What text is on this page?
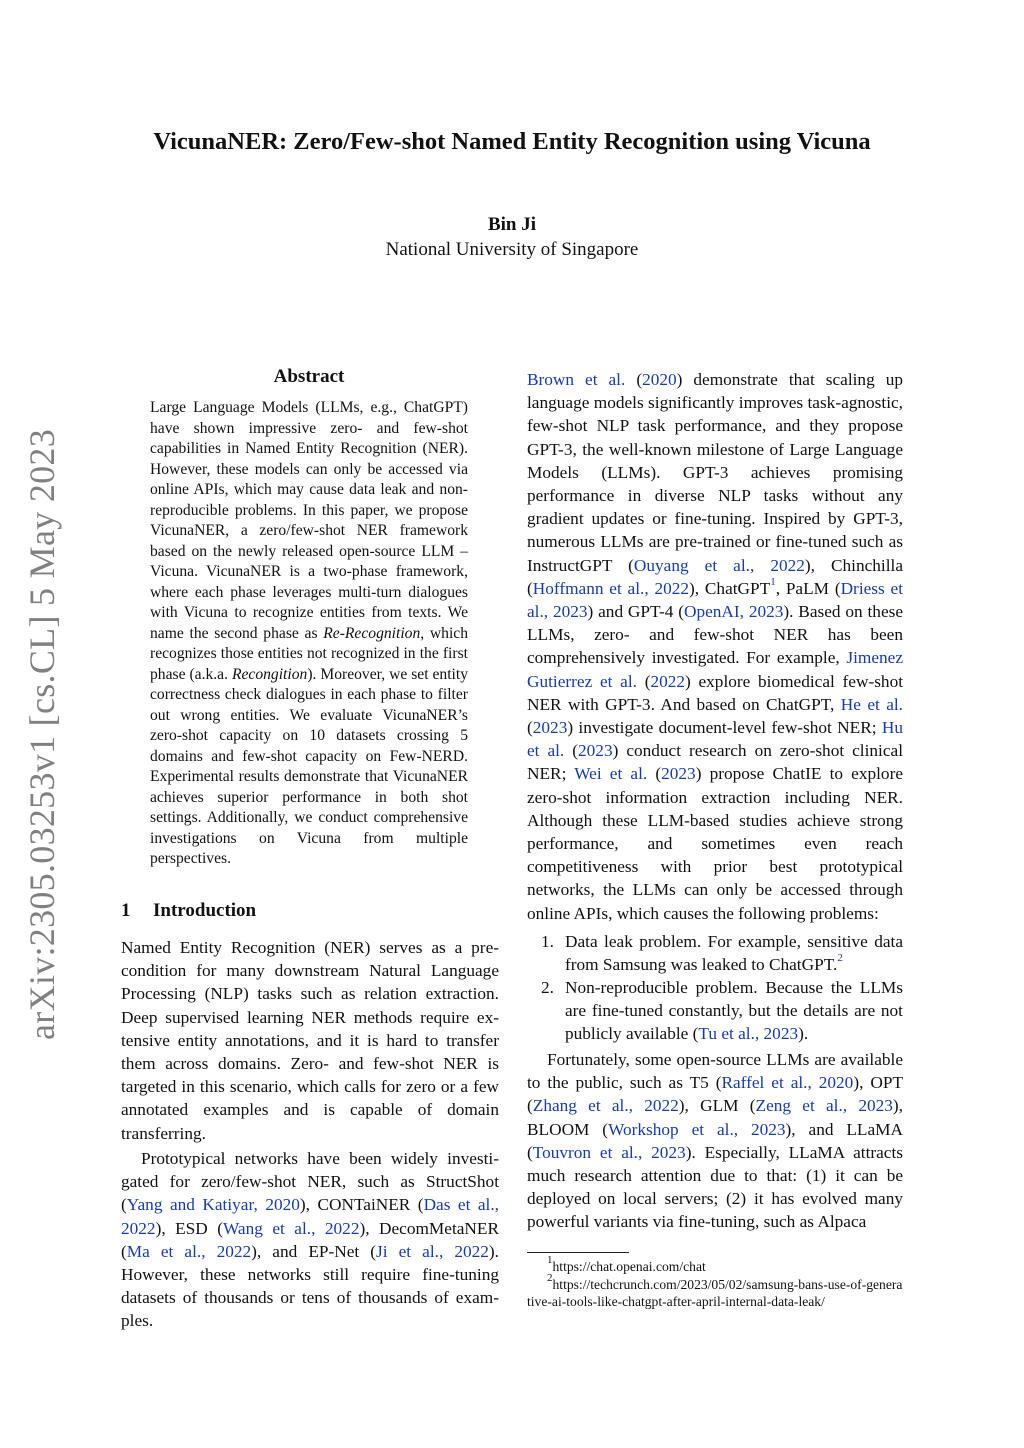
arXiv:2305.03253v1 [cs.CL] 5 May 2023
VicunaNER: Zero/Few-shot Named Entity Recognition using Vicuna
Bin Ji
National University of Singapore
Abstract
Large Language Models (LLMs, e.g., ChatGPT) have shown impressive zero- and few-shot capabilities in Named Entity Recognition (NER). However, these models can only be accessed via online APIs, which may cause data leak and non-reproducible problems. In this paper, we propose VicunaNER, a zero/few-shot NER framework based on the newly released open-source LLM – Vicuna. VicunaNER is a two-phase framework, where each phase leverages multi-turn dialogues with Vicuna to recognize entities from texts. We name the second phase as Re-Recognition, which recognizes those entities not recognized in the first phase (a.k.a. Recongition). Moreover, we set entity correctness check dialogues in each phase to filter out wrong entities. We evaluate VicunaNER’s zero-shot capacity on 10 datasets crossing 5 domains and few-shot capacity on Few-NERD. Experimental results demonstrate that VicunaNER achieves superior performance in both shot settings. Additionally, we conduct comprehensive investigations on Vicuna from multiple perspectives.
1 Introduction

Named Entity Recognition (NER) serves as a precondition for many downstream Natural Language Processing (NLP) tasks such as relation extraction. Deep supervised learning NER methods require extensive entity annotations, and it is hard to transfer them across domains. Zero- and few-shot NER is targeted in this scenario, which calls for zero or a few annotated examples and is capable of domain transferring.

Prototypical networks have been widely investigated for zero/few-shot NER, such as StructShot (Yang and Katiyar, 2020), CONTaiNER (Das et al., 2022), ESD (Wang et al., 2022), DecomMetaNER (Ma et al., 2022), and EP-Net (Ji et al., 2022). However, these networks still require fine-tuning datasets of thousands or tens of thousands of examples.

Brown et al. (2020) demonstrate that scaling up language models significantly improves task-agnostic, few-shot NLP task performance, and they propose GPT-3, the well-known milestone of Large Language Models (LLMs). GPT-3 achieves promising performance in diverse NLP tasks without any gradient updates or fine-tuning. Inspired by GPT-3, numerous LLMs are pre-trained or fine-tuned such as InstructGPT (Ouyang et al., 2022), Chinchilla (Hoffmann et al., 2022), ChatGPT$^1$, PaLM (Driess et al., 2023) and GPT-4 (OpenAI, 2023). Based on these LLMs, zero- and few-shot NER has been comprehensively investigated. For example, Jimenez Gutierrez et al. (2022) explore biomedical few-shot NER with GPT-3. And based on ChatGPT, He et al. (2023) investigate document-level few-shot NER; Hu et al. (2023) conduct research on zero-shot clinical NER; Wei et al. (2023) propose ChatIE to explore zero-shot information extraction including NER. Although these LLM-based studies achieve strong performance, and sometimes even reach competitiveness with prior best prototypical networks, the LLMs can only be accessed through online APIs, which causes the following problems:

1. Data leak problem. For example, sensitive data from Samsung was leaked to ChatGPT.$^2$
2. Non-reproducible problem. Because the LLMs are fine-tuned constantly, but the details are not publicly available (Tu et al., 2023).

Fortunately, some open-source LLMs are available to the public, such as T5 (Raffel et al., 2020), OPT (Zhang et al., 2022), GLM (Zeng et al., 2023), BLOOM (Workshop et al., 2023), and LLaMA (Touvron et al., 2023). Especially, LLaMA attracts much research attention due to that: (1) it can be deployed on local servers; (2) it has evolved many powerful variants via fine-tuning, such as Alpaca

$^1$https://chat.openai.com/chat
$^2$https://techcrunch.com/2023/05/02/samsung-bans-use-of-generative-ai-tools-like-chatgpt-after-april-internal-data-leak/
